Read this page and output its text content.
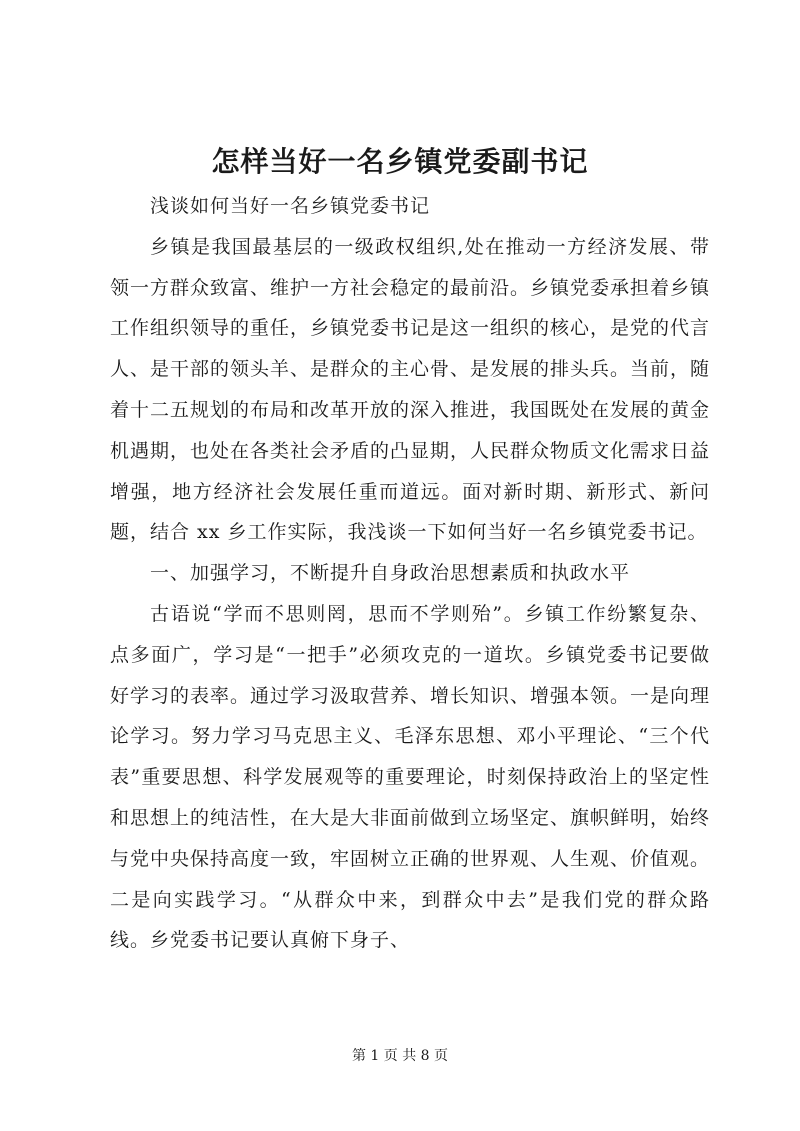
怎样当好一名乡镇党委副书记

浅谈如何当好一名乡镇党委书记

乡镇是我国最基层的一级政权组织,处在推动一方经济发展、带领一方群众致富、维护一方社会稳定的最前沿。乡镇党委承担着乡镇工作组织领导的重任，乡镇党委书记是这一组织的核心，是党的代言人、是干部的领头羊、是群众的主心骨、是发展的排头兵。当前，随着十二五规划的布局和改革开放的深入推进，我国既处在发展的黄金机遇期，也处在各类社会矛盾的凸显期，人民群众物质文化需求日益增强，地方经济社会发展任重而道远。面对新时期、新形式、新问题，结合 xx 乡工作实际，我浅谈一下如何当好一名乡镇党委书记。

一、加强学习，不断提升自身政治思想素质和执政水平

古语说“学而不思则罔，思而不学则殆”。乡镇工作纷繁复杂、点多面广，学习是“一把手”必须攻克的一道坎。乡镇党委书记要做好学习的表率。通过学习汲取营养、增长知识、增强本领。一是向理论学习。努力学习马克思主义、毛泽东思想、邓小平理论、“三个代表”重要思想、科学发展观等的重要理论，时刻保持政治上的坚定性和思想上的纯洁性，在大是大非面前做到立场坚定、旗帜鲜明，始终与党中央保持高度一致，牢固树立正确的世界观、人生观、价值观。二是向实践学习。“从群众中来，到群众中去”是我们党的群众路线。乡党委书记要认真俯下身子、

第 1 页 共 8 页
